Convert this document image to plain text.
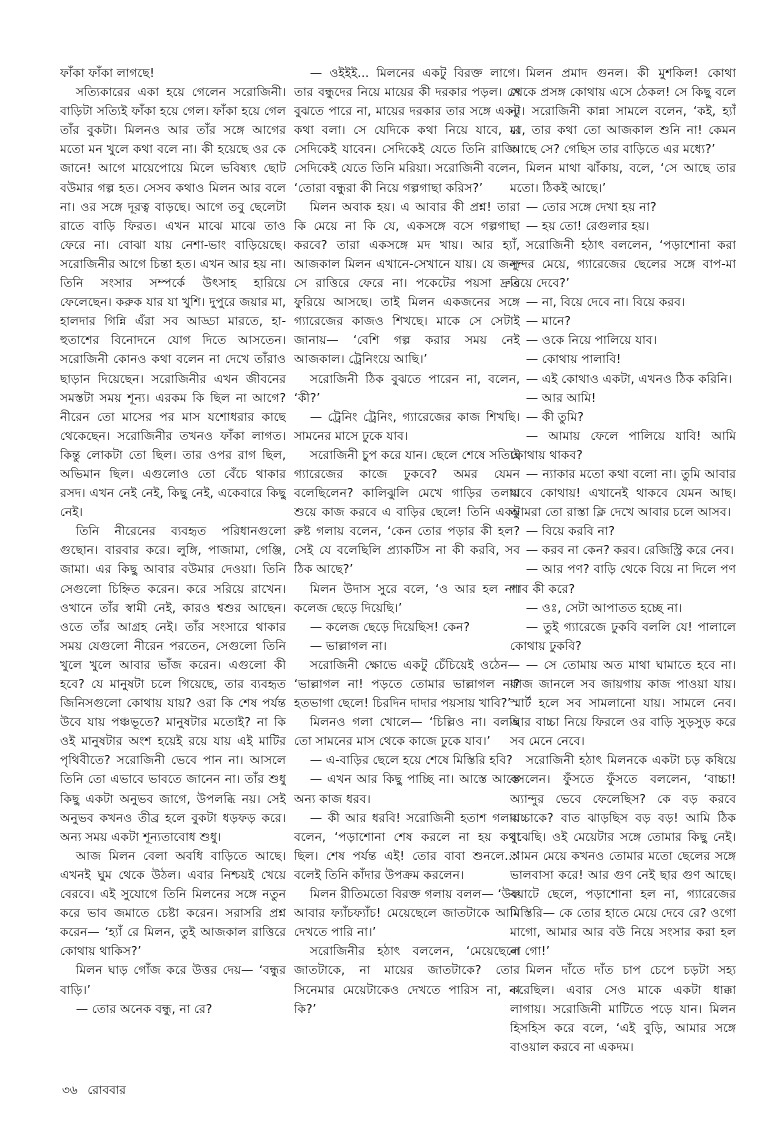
ফাঁকা ফাঁকা লাগছে!

সত্যিকারের একা হয়ে গেলেন সরোজিনী। বাড়িটা সত্যিই ফাঁকা হয়ে গেল। ফাঁকা হয়ে গেল তাঁর বুকটা। মিলনও আর তাঁর সঙ্গে আগের মতো মন খুলে কথা বলে না। কী হয়েছে ওর কে জানে! আগে মায়েপোয়ে মিলে ভবিষ্যৎ ছোট বউমার গল্প হত। সেসব কথাও মিলন আর বলে না। ওর সঙ্গে দূরত্ব বাড়ছে। আগে তবু ছেলেটা রাতে বাড়ি ফিরত। এখন মাঝে মাঝে তাও ফেরে না। বোঝা যায় নেশা-ভাং বাড়িয়েছে। সরোজিনীর আগে চিন্তা হত। এখন আর হয় না। তিনি সংসার সম্পর্কে উৎসাহ হারিয়ে ফেলেছেন। করুক যার যা খুশি। দুপুরে জয়ার মা, হালদার গিন্নি এঁরা সব আড্ডা মারতে, হা-হুতাশের বিনোদনে যোগ দিতে আসতেন। সরোজিনী কোনও কথা বলেন না দেখে তাঁরাও ছাড়ান দিয়েছেন। সরোজিনীর এখন জীবনের সমস্তটা সময় শূন্য। এরকম কি ছিল না আগে? নীরেন তো মাসের পর মাস যশোধরার কাছে থেকেছেন। সরোজিনীর তখনও ফাঁকা লাগত। কিন্তু লোকটা তো ছিল। তার ওপর রাগ ছিল, অভিমান ছিল। এগুলোও তো বেঁচে থাকার রসদ। এখন নেই নেই, কিছু নেই, একেবারে কিছু নেই।

তিনি নীরেনের ব্যবহৃত পরিধানগুলো গুছোন। বারবার করে। লুঙ্গি, পাজামা, গেঞ্জি, জামা। এর কিছু আবার বউমার দেওয়া। তিনি সেগুলো চিহ্নিত করেন। করে সরিয়ে রাখেন। ওখানে তাঁর স্বামী নেই, কারও শ্বশুর আছেন। ওতে তাঁর আগ্রহ নেই। তাঁর সংসারে থাকার সময় যেগুলো নীরেন পরতেন, সেগুলো তিনি খুলে খুলে আবার ভাঁজ করেন। এগুলো কী হবে? যে মানুষটা চলে গিয়েছে, তার ব্যবহৃত জিনিসগুলো কোথায় যায়? ওরা কি শেষ পর্যন্ত উবে যায় পঞ্চভূতে? মানুষটার মতোই? না কি ওই মানুষটার অংশ হয়েই রয়ে যায় এই মাটির পৃথিবীতে? সরোজিনী ভেবে পান না। আসলে তিনি তো এভাবে ভাবতে জানেন না। তাঁর শুধু কিছু একটা অনুভব জাগে, উপলব্ধি নয়। সেই অনুভব কখনও তীব্র হলে বুকটা ধড়ফড় করে। অন্য সময় একটা শূন্যতাবোধ শুধু।

আজ মিলন বেলা অবধি বাড়িতে আছে। এখনই ঘুম থেকে উঠল। এবার নিশ্চয়ই খেয়ে বেরবে। এই সুযোগে তিনি মিলনের সঙ্গে নতুন করে ভাব জমাতে চেষ্টা করেন। সরাসরি প্রশ্ন করেন— ‘হ্যাঁ রে মিলন, তুই আজকাল রাত্তিরে কোথায় থাকিস?’

মিলন ঘাড় গোঁজ করে উত্তর দেয়— ‘বন্ধুর বাড়ি।’

— তোর অনেক বন্ধু, না রে?

— ওইইই... মিলনের একটু বিরক্ত লাগে। তার বন্ধুদের নিয়ে মায়ের কী দরকার পড়ল। সে বুঝতে পারে না, মায়ের দরকার তার সঙ্গে একটু কথা বলা। সে যেদিকে কথা নিয়ে যাবে, মা সেদিকেই যাবেন। সেদিকেই যেতে তিনি রাজি। সেদিকেই যেতে তিনি মরিয়া। সরোজিনী বলেন, ‘তোরা বন্ধুরা কী নিয়ে গল্পগাছা করিস?’

মিলন অবাক হয়। এ আবার কী প্রশ্ন! তারা কি মেয়ে না কি যে, একসঙ্গে বসে গল্পগাছা করবে? তারা একসঙ্গে মদ খায়। আর হ্যাঁ, আজকাল মিলন এখানে-সেখানে যায়। যে জন্য সে রাত্তিরে ফেরে না। পকেটের পয়সা দ্রুত ফুরিয়ে আসছে। তাই মিলন একজনের সঙ্গে গ্যারেজের কাজও শিখছে। মাকে সে সেটাই জানায়— ‘বেশি গল্প করার সময় নেই আজকাল। ট্রেনিংয়ে আছি।’

সরোজিনী ঠিক বুঝতে পারেন না, বলেন, ‘কী?’

— ট্রেনিং ট্রেনিং, গ্যারেজের কাজ শিখছি। সামনের মাসে ঢুকে যাব।

সরোজিনী চুপ করে যান। ছেলে শেষে সত্যিই গ্যারেজের কাজে ঢুকবে? অমর যেমন বলেছিলেন? কালিঝুলি মেখে গাড়ির তলায় শুয়ে কাজ করবে এ বাড়ির ছেলে! তিনি একটু রুষ্ট গলায় বলেন, ‘কেন তোর পড়ার কী হল? সেই যে বলেছিলি প্র্যাকটিস না কী করবি, সব ঠিক আছে?’

মিলন উদাস সুরে বলে, ‘ও আর হল না। কলেজ ছেড়ে দিয়েছি।’

— কলেজ ছেড়ে দিয়েছিস! কেন?

— ভাল্লাগল না।

সরোজিনী ক্ষোভে একটু চেঁচিয়েই ওঠেন— ‘ভাল্লাগল না! পড়তে তোমার ভাল্লাগল না? হতভাগা ছেলে! চিরদিন দাদার পয়সায় খাবি?’

মিলনও গলা খোলে— ‘চিল্লিও না। বলছি তো সামনের মাস থেকে কাজে ঢুকে যাব।’

— এ-বাড়ির ছেলে হয়ে শেষে মিস্তিরি হবি?

— এখন আর কিছু পাচ্ছি না। আস্তে আস্তে অন্য কাজ ধরব।

— কী আর ধরবি! সরোজিনী হতাশ গলায় বলেন, ‘পড়াশোনা শেষ করলে না হয় কথা ছিল। শেষ পর্যন্ত এই! তোর বাবা শুনলে...’ বলেই তিনি কাঁদার উপক্রম করলেন।

মিলন রীতিমতো বিরক্ত গলায় বলল— ‘উফ আবার ফ্যাঁচফ্যাঁচ! মেয়েছেলে জাতটাকে আমি দেখতে পারি না।’

সরোজিনীর হঠাৎ বললেন, ‘মেয়েছেলে জাতটাকে, না মায়ের জাতটাকে? তোর সিনেমার মেয়েটাকেও দেখতে পারিস না, না কি?’

মিলন প্রমাদ গুনল। কী মুশকিল! কোথা থেকে প্রসঙ্গ কোথায় এসে ঠেকল! সে কিছু বলে না। সরোজিনী কান্না সামলে বলেন, ‘কই, হ্যাঁ রে, তার কথা তো আজকাল শুনি না! কেমন আছে সে? গেছিস তার বাড়িতে এর মধ্যে?’

মিলন মাথা ঝাঁকায়, বলে, ‘সে আছে তার মতো। ঠিকই আছে।’

— তোর সঙ্গে দেখা হয় না?

— হয় তো! রেগুলার হয়।

সরোজিনী হঠাৎ বললেন, ‘পড়াশোনা করা সুন্দর মেয়ে, গ্যারেজের ছেলের সঙ্গে বাপ-মা বিয়ে দেবে?’

— না, বিয়ে দেবে না। বিয়ে করব।

— মানে?

— ওকে নিয়ে পালিয়ে যাব।

— কোথায় পালাবি!

— এই কোথাও একটা, এখনও ঠিক করিনি।

— আর আমি!

— কী তুমি?

— আমায় ফেলে পালিয়ে যাবি! আমি কোথায় থাকব?

— ন্যাকার মতো কথা বলো না। তুমি আবার যাবে কোথায়! এখানেই থাকবে যেমন আছ। আমরা তো রাস্তা ক্লি দেখে আবার চলে আসব।

— বিয়ে করবি না?

— করব না কেন? করব। রেজিস্ট্রি করে নেব।

— আর পণ? বাড়ি থেকে বিয়ে না দিলে পণ পাব কী করে?

— ওঃ, সেটা আপাতত হচ্ছে না।

— তুই গ্যারেজে ঢুকবি বললি যে! পালালে কোথায় ঢুকবি?

— সে তোমায় অত মাথা ঘামাতে হবে না। কাজ জানলে সব জায়গায় কাজ পাওয়া যায়। স্মার্ট হলে সব সামলানো যায়। সামলে নেব। আর বাচ্চা নিয়ে ফিরলে ওর বাড়ি সুড়সুড় করে সব মেনে নেবে।

সরোজিনী হঠাৎ মিলনকে একটা চড় কষিয়ে বসলেন। ফুঁসতে ফুঁসতে বললেন, ‘বাচ্চা! অ্যান্দুর ভেবে ফেলেছিস? কে বড় করবে বাচ্চাকে? বাত ঝাড়ছিস বড় বড়! আমি ঠিক বুঝেছি। ওই মেয়েটার সঙ্গে তোমার কিছু নেই। আমন মেয়ে কখনও তোমার মতো ছেলের সঙ্গে ভালবাসা করে! আর গুণ নেই ছার গুণ আছে। বয়াটে ছেলে, পড়াশোনা হল না, গ্যারেজের মিস্তিরি— কে তোর হাতে মেয়ে দেবে রে? ওগো মাগো, আমার আর বউ নিয়ে সংসার করা হল না গো!’

মিলন দাঁতে দাঁত চাপ চেপে চড়টা সহ্য করেছিল। এবার সেও মাকে একটা ধাক্কা লাগায়। সরোজিনী মাটিতে পড়ে যান। মিলন হিসহিস করে বলে, ‘এই বুড়ি, আমার সঙ্গে বাওয়াল করবে না একদম।

৩৬ রোববার
